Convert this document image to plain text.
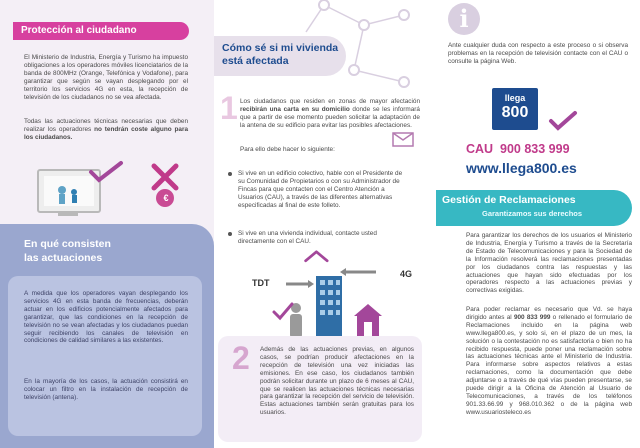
Protección al ciudadano

El Ministerio de Industria, Energía y Turismo ha impuesto obligaciones a los operadores móviles licenciatarios de la banda de 800MHz (Orange, Telefónica y Vodafone), para garantizar que según se vayan desplegando por el territorio los servicios 4G en esta, la recepción de televisión de los ciudadanos no se vea afectada.

Todas las actuaciones técnicas necesarias que deben realizar los operadores no tendrán coste alguno para los ciudadanos.

€
En qué consisten
las actuaciones

A medida que los operadores vayan desplegando los servicios 4G en esta banda de frecuencias, deberán actuar en los edificios potencialmente afectados para garantizar, que las condiciones en la recepción de televisión no se vean afectadas y los ciudadanos puedan seguir recibiendo los canales de televisión en condiciones de calidad similares a las existentes.

En la mayoría de los casos, la actuación consistirá en colocar un filtro en la instalación de recepción de televisión (antena).

Cómo sé si mi vivienda
está afectada
1 Los ciudadanos que residen en zonas de mayor afectación recibirán una carta en su domicilio donde se les informará que a partir de ese momento pueden solicitar la adaptación de la antena de su edificio para evitar las posibles afectaciones.

Para ello debe hacer lo siguiente:

Si vive en un edificio colectivo, hable con el Presidente de su Comunidad de Propietarios o con su Administrador de Fincas para que contacten con el Centro Atención a Usuarios (CAU), a través de las diferentes alternativas especificadas al final de este folleto.

Si vive en una vivienda individual, contacte usted directamente con el CAU.

TDT
4G
2 Además de las actuaciones previas, en algunos casos, se podrían producir afectaciones en la recepción de televisión una vez iniciadas las emisiones. En ese caso, los ciudadanos también podrán solicitar durante un plazo de 6 meses al CAU, que se realicen las actuaciones técnicas necesarias para garantizar la recepción del servicio de televisión. Estas actuaciones también serán gratuitas para los usuarios.

i

Ante cualquier duda con respecto a este proceso o si observa problemas en la recepción de televisión contacte con el CAU o consulte la página Web.

llega
800
CAU  900 833 999
www.llega800.es
Gestión de Reclamaciones
Garantizamos sus derechos

Para garantizar los derechos de los usuarios el Ministerio de Industria, Energía y Turismo a través de la Secretaría de Estado de Telecomunicaciones y para la Sociedad de la Información resolverá las reclamaciones presentadas por los ciudadanos contra las respuestas y las actuaciones que hayan sido efectuadas por los operadores respecto a las actuaciones previas y correctivas exigidas.

Para poder reclamar es necesario que Vd. se haya dirigido antes al 900 833 999 o rellenado el formulario de Reclamaciones incluido en la página web www.llega800.es, y solo si, en el plazo de un mes, la solución o la contestación no es satisfactoria o bien no ha recibido respuesta, puede poner una reclamación sobre las actuaciones técnicas ante el Ministerio de Industria. Para informarse sobre aspectos relativos a estas reclamaciones, como la documentación que debe adjuntarse o a través de qué vías pueden presentarse, se puede dirigir a la Oficina de Atención al Usuario de Telecomunicaciones, a través de los teléfonos 901.33.66.99 y 968.010.362 o de la página web www.usuariosteleco.es
